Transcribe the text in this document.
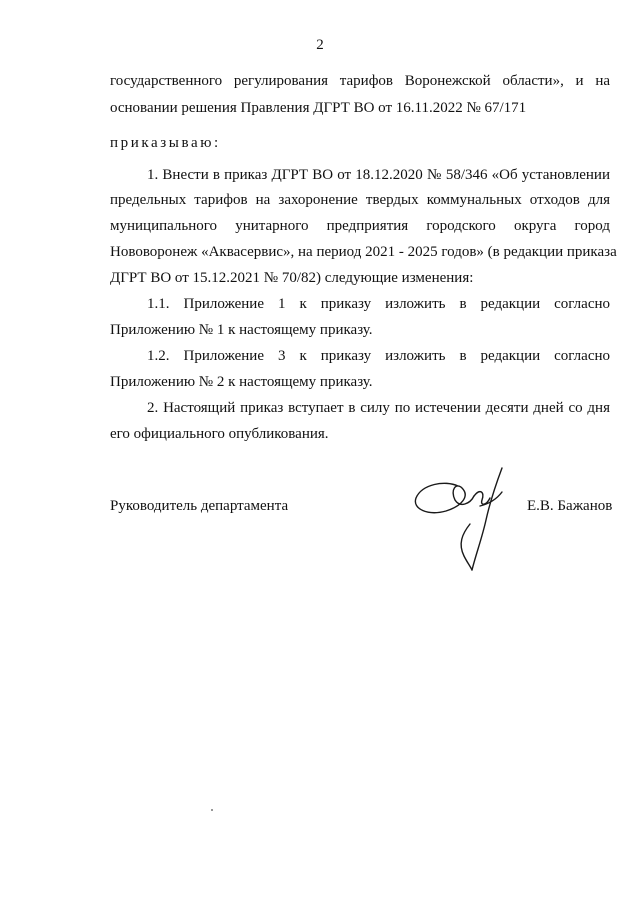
2
государственного регулирования тарифов Воронежской области», и на
основании решения Правления ДГРТ ВО от 16.11.2022 № 67/171
приказываю:
1. Внести в приказ ДГРТ ВО от 18.12.2020 № 58/346 «Об установлении
предельных тарифов на захоронение твердых коммунальных отходов для
муниципального унитарного предприятия городского округа город
Нововоронеж «Аквасервис», на период 2021 - 2025 годов» (в редакции приказа
ДГРТ ВО от 15.12.2021 № 70/82) следующие изменения:
1.1. Приложение 1 к приказу изложить в редакции согласно
Приложению № 1 к настоящему приказу.
1.2. Приложение 3 к приказу изложить в редакции согласно
Приложению № 2 к настоящему приказу.
2. Настоящий приказ вступает в силу по истечении десяти дней со дня
его официального опубликования.
Руководитель департамента	Е.В. Бажанов
